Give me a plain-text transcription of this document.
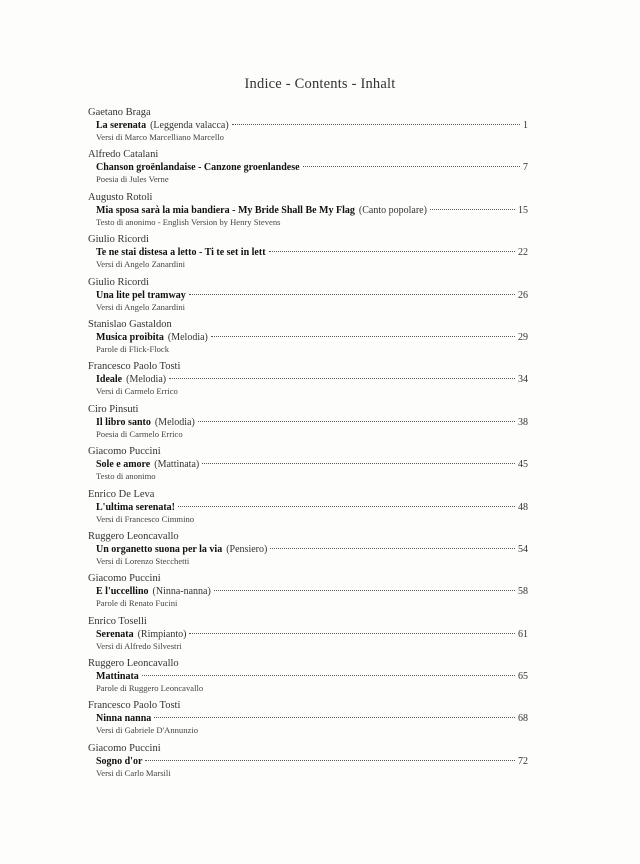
Indice - Contents - Inhalt
Gaetano Braga
La serenata (Leggenda valacca)	1
Versi di Marco Marcelliano Marcello
Alfredo Catalani
Chanson groënlandaise - Canzone groenlandese	7
Poesia di Jules Verne
Augusto Rotoli
Mia sposa sarà la mia bandiera - My Bride Shall Be My Flag (Canto popolare)	15
Testo di anonimo - English Version by Henry Stevens
Giulio Ricordi
Te ne stai distesa a letto - Ti te set in lett	22
Versi di Angelo Zanardini
Giulio Ricordi
Una lite pel tramway	26
Versi di Angelo Zanardini
Stanislao Gastaldon
Musica proibita (Melodia)	29
Parole di Flick-Flock
Francesco Paolo Tosti
Ideale (Melodia)	34
Versi di Carmelo Errico
Ciro Pinsuti
Il libro santo (Melodia)	38
Poesia di Carmelo Errico
Giacomo Puccini
Sole e amore (Mattinata)	45
Testo di anonimo
Enrico De Leva
L'ultima serenata!	48
Versi di Francesco Cimmino
Ruggero Leoncavallo
Un organetto suona per la via (Pensiero)	54
Versi di Lorenzo Stecchetti
Giacomo Puccini
E l'uccellino (Ninna-nanna)	58
Parole di Renato Fucini
Enrico Toselli
Serenata (Rimpianto)	61
Versi di Alfredo Silvestri
Ruggero Leoncavallo
Mattinata	65
Parole di Ruggero Leoncavallo
Francesco Paolo Tosti
Ninna nanna	68
Versi di Gabriele D'Annunzio
Giacomo Puccini
Sogno d'or	72
Versi di Carlo Marsili
